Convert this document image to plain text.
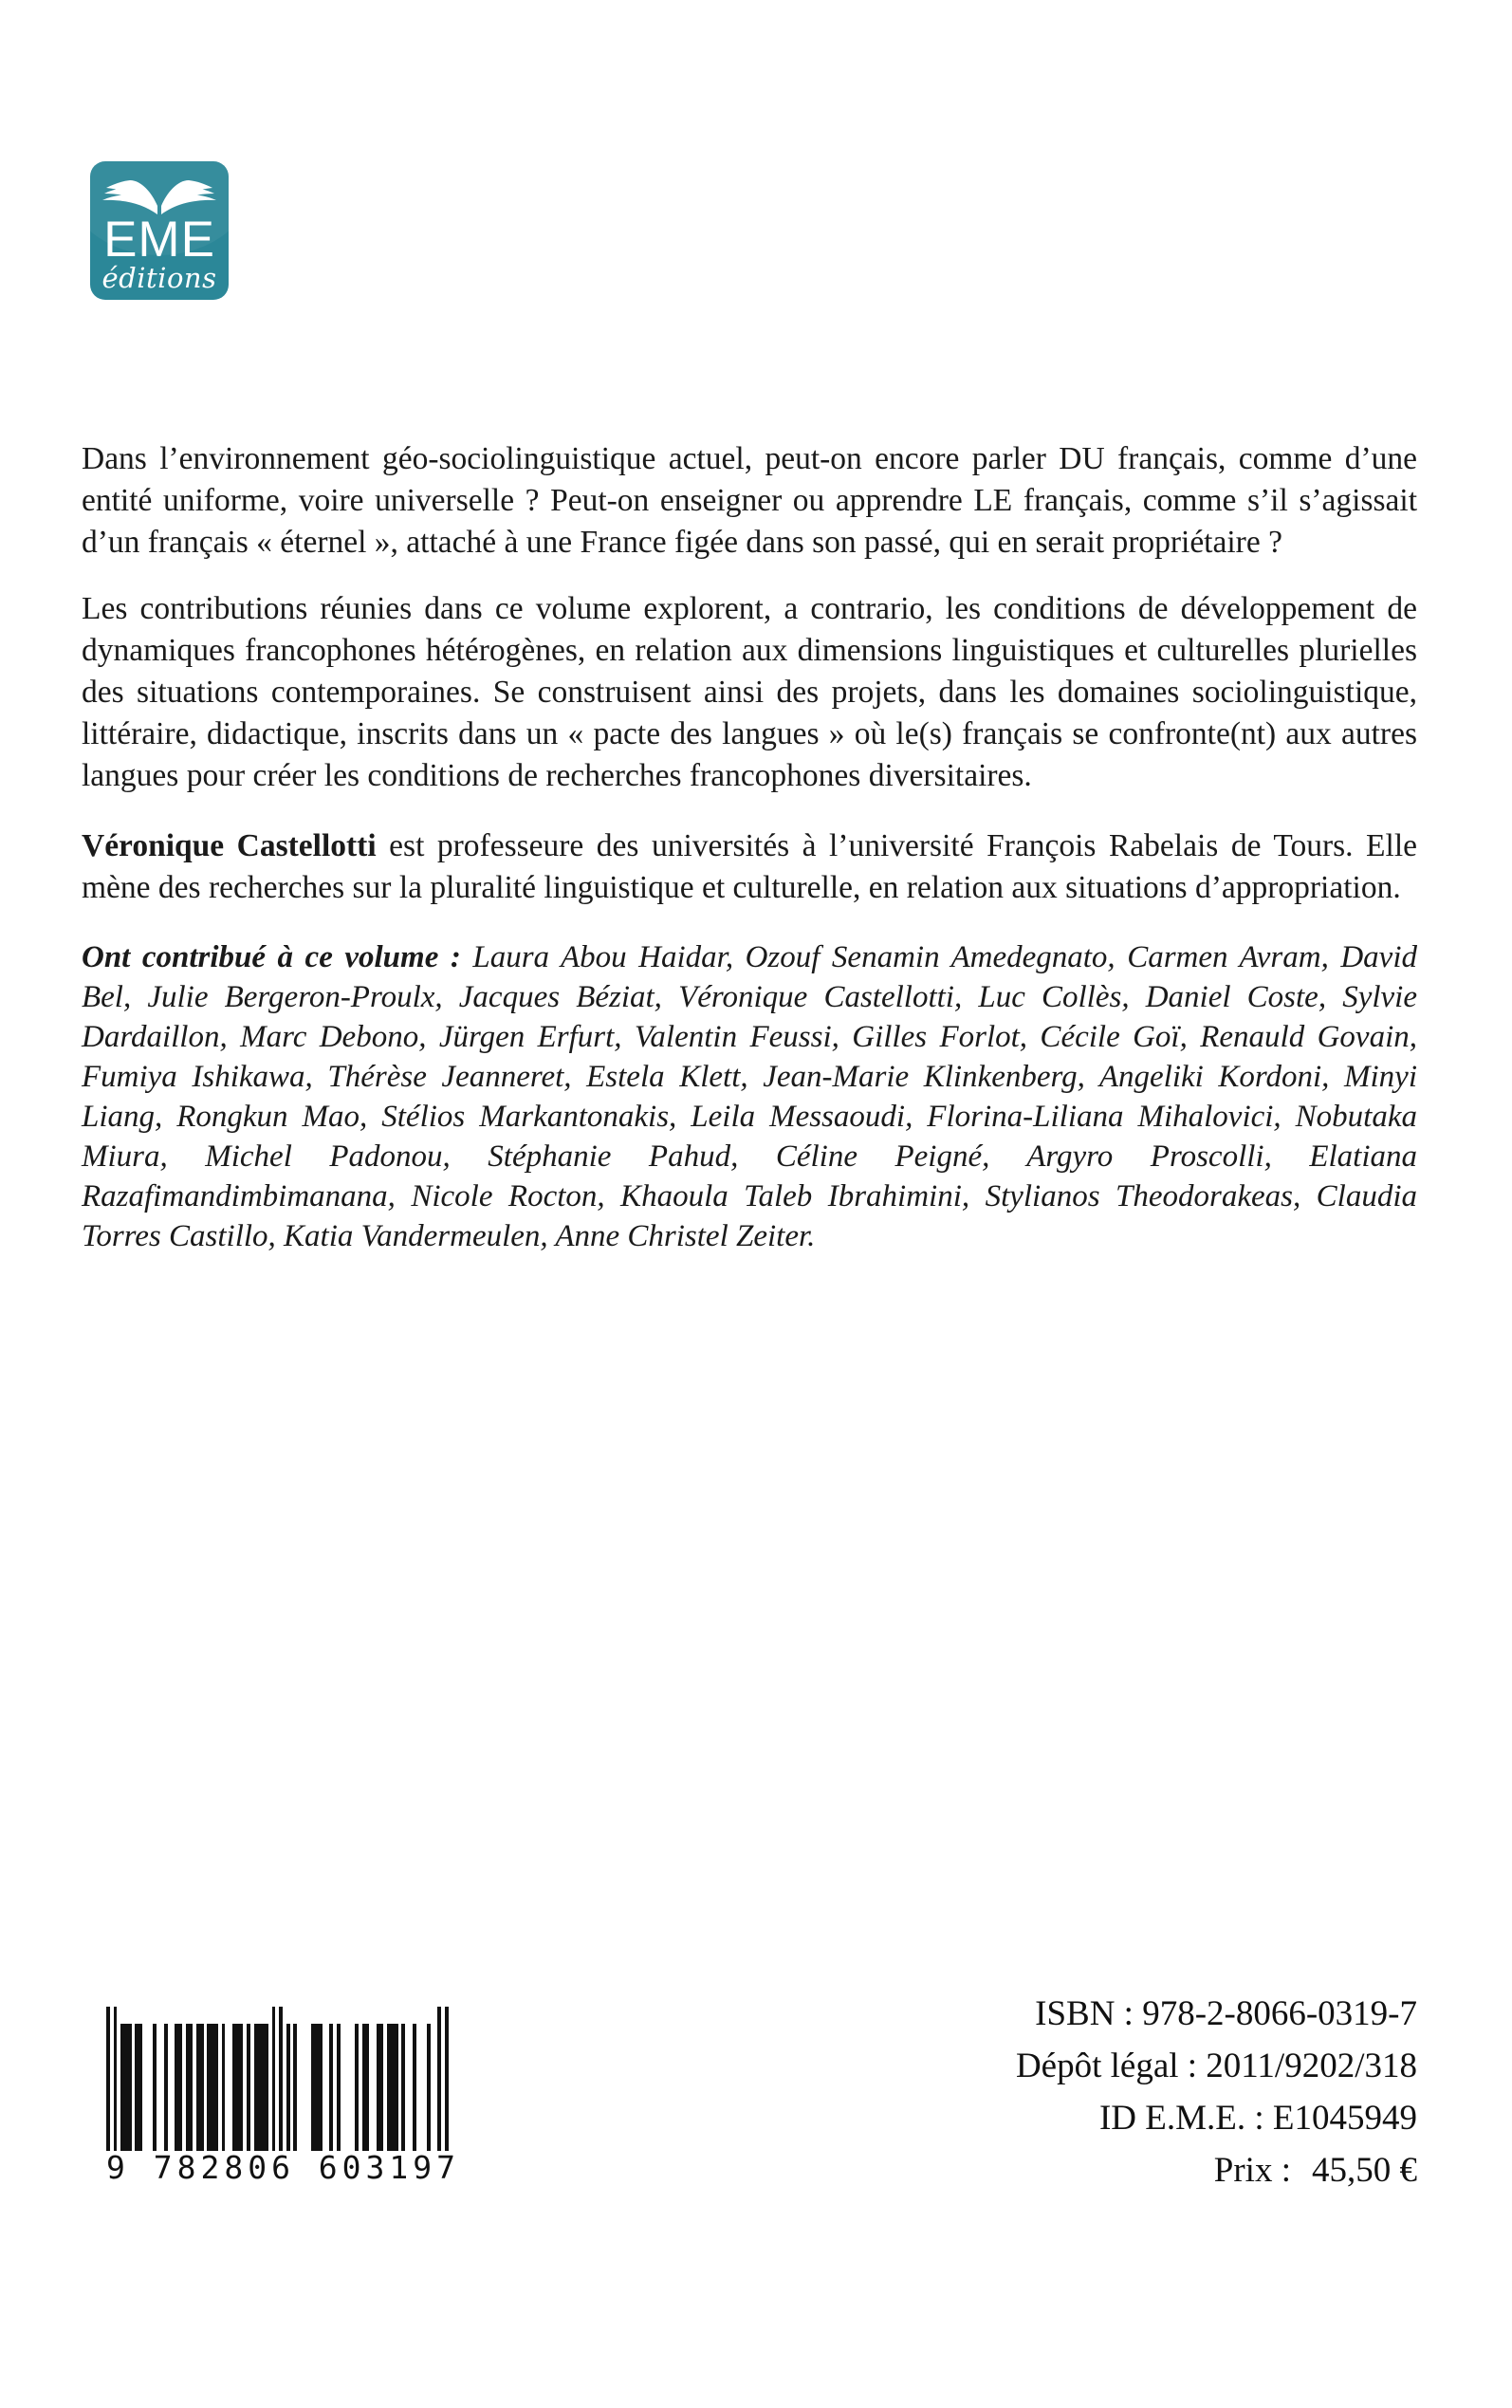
EME
éditions

Dans l’environnement géo-sociolinguistique actuel, peut-on encore parler DU français, comme d’une entité uniforme, voire universelle ? Peut-on enseigner ou apprendre LE français, comme s’il s’agissait d’un français « éternel », attaché à une France figée dans son passé, qui en serait propriétaire ?

Les contributions réunies dans ce volume explorent, a contrario, les conditions de développement de dynamiques francophones hétérogènes, en relation aux dimensions linguistiques et culturelles plurielles des situations contemporaines. Se construisent ainsi des projets, dans les domaines sociolinguistique, littéraire, didactique, inscrits dans un « pacte des langues » où le(s) français se confronte(nt) aux autres langues pour créer les conditions de recherches francophones diversitaires.

Véronique Castellotti est professeure des universités à l’université François Rabelais de Tours. Elle mène des recherches sur la pluralité linguistique et culturelle, en relation aux situations d’appropriation.

Ont contribué à ce volume : Laura Abou Haidar, Ozouf Senamin Amedegnato, Carmen Avram, David Bel, Julie Bergeron-Proulx, Jacques Béziat, Véronique Castellotti, Luc Collès, Daniel Coste, Sylvie Dardaillon, Marc Debono, Jürgen Erfurt, Valentin Feussi, Gilles Forlot, Cécile Goï, Renauld Govain, Fumiya Ishikawa, Thérèse Jeanneret, Estela Klett, Jean-Marie Klinkenberg, Angeliki Kordoni, Minyi Liang, Rongkun Mao, Stélios Markantonakis, Leila Messaoudi, Florina-Liliana Mihalovici, Nobutaka Miura, Michel Padonou, Stéphanie Pahud, Céline Peigné, Argyro Proscolli, Elatiana Razafimandimbimanana, Nicole Rocton, Khaoula Taleb Ibrahimini, Stylianos Theodorakeas, Claudia Torres Castillo, Katia Vandermeulen, Anne Christel Zeiter.

9 782806 603197
ISBN : 978-2-8066-0319-7
Dépôt légal : 2011/9202/318
ID E.M.E. : E1045949
Prix : 45,50 €
